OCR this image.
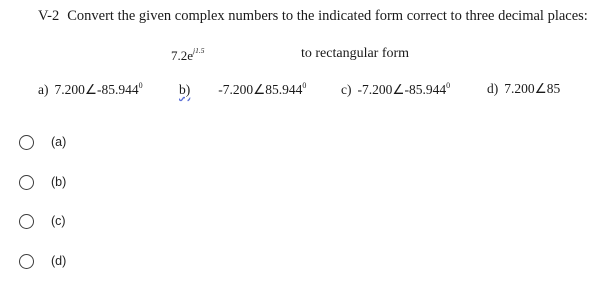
V-2 Convert the given complex numbers to the indicated form correct to three decimal places:
$7.2e^{j1.5}$	to rectangular form
a) 7.200∠-85.944$^0$	b) -7.200∠85.944$^0$	c) -7.200∠-85.944$^0$	d) 7.200∠85
(a)
(b)
(c)
(d)
